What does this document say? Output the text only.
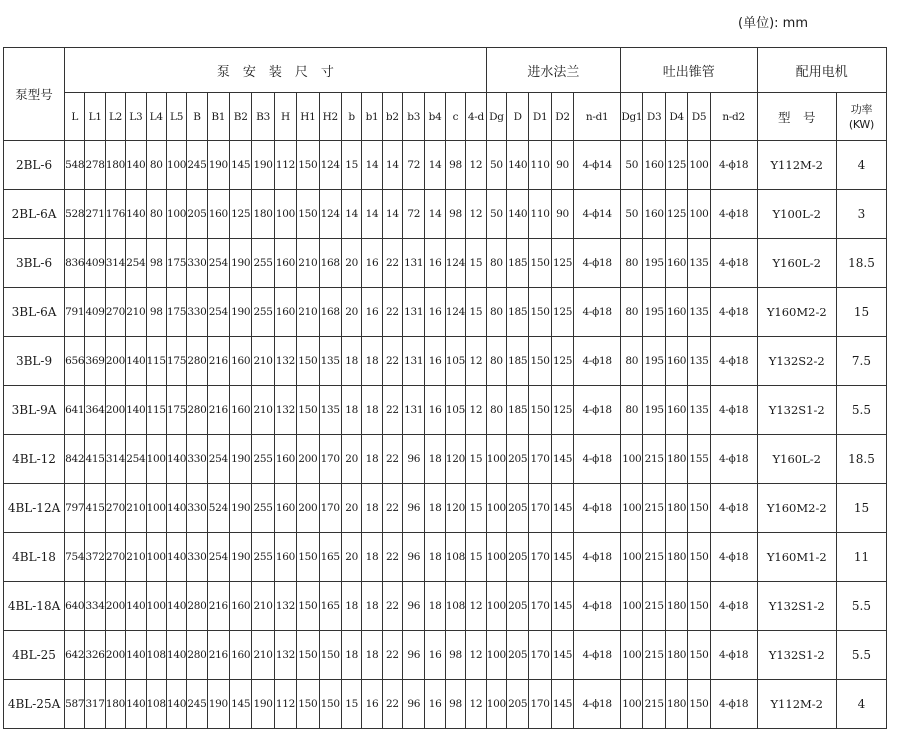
(单位): mm
泵型号	泵　安　装　尺　寸																				进水法兰					吐出锥管					配用电机	
	L	L1	L2	L3	L4	L5	B	B1	B2	B3	H	H1	H2	b	b1	b2	b3	b4	c	4-d	Dg	D	D1	D2	n-d1	Dg1	D3	D4	D5	n-d2	型　号	功率
(KW)

2BL-6	548	278	180	140	80	100	245	190	145	190	112	150	124	15	14	14	72	14	98	12	50	140	110	90	4-ϕ14	50	160	125	100	4-ϕ18	Y112M-2	4
2BL-6A	528	271	176	140	80	100	205	160	125	180	100	150	124	14	14	14	72	14	98	12	50	140	110	90	4-ϕ14	50	160	125	100	4-ϕ18	Y100L-2	3
3BL-6	836	409	314	254	98	175	330	254	190	255	160	210	168	20	16	22	131	16	124	15	80	185	150	125	4-ϕ18	80	195	160	135	4-ϕ18	Y160L-2	18.5
3BL-6A	791	409	270	210	98	175	330	254	190	255	160	210	168	20	16	22	131	16	124	15	80	185	150	125	4-ϕ18	80	195	160	135	4-ϕ18	Y160M2-2	15
3BL-9	656	369	200	140	115	175	280	216	160	210	132	150	135	18	18	22	131	16	105	12	80	185	150	125	4-ϕ18	80	195	160	135	4-ϕ18	Y132S2-2	7.5
3BL-9A	641	364	200	140	115	175	280	216	160	210	132	150	135	18	18	22	131	16	105	12	80	185	150	125	4-ϕ18	80	195	160	135	4-ϕ18	Y132S1-2	5.5
4BL-12	842	415	314	254	100	140	330	254	190	255	160	200	170	20	18	22	96	18	120	15	100	205	170	145	4-ϕ18	100	215	180	155	4-ϕ18	Y160L-2	18.5
4BL-12A	797	415	270	210	100	140	330	524	190	255	160	200	170	20	18	22	96	18	120	15	100	205	170	145	4-ϕ18	100	215	180	150	4-ϕ18	Y160M2-2	15
4BL-18	754	372	270	210	100	140	330	254	190	255	160	150	165	20	18	22	96	18	108	15	100	205	170	145	4-ϕ18	100	215	180	150	4-ϕ18	Y160M1-2	11
4BL-18A	640	334	200	140	100	140	280	216	160	210	132	150	165	18	18	22	96	18	108	12	100	205	170	145	4-ϕ18	100	215	180	150	4-ϕ18	Y132S1-2	5.5
4BL-25	642	326	200	140	108	140	280	216	160	210	132	150	150	18	18	22	96	16	98	12	100	205	170	145	4-ϕ18	100	215	180	150	4-ϕ18	Y132S1-2	5.5
4BL-25A	587	317	180	140	108	140	245	190	145	190	112	150	150	15	16	22	96	16	98	12	100	205	170	145	4-ϕ18	100	215	180	150	4-ϕ18	Y112M-2	4
